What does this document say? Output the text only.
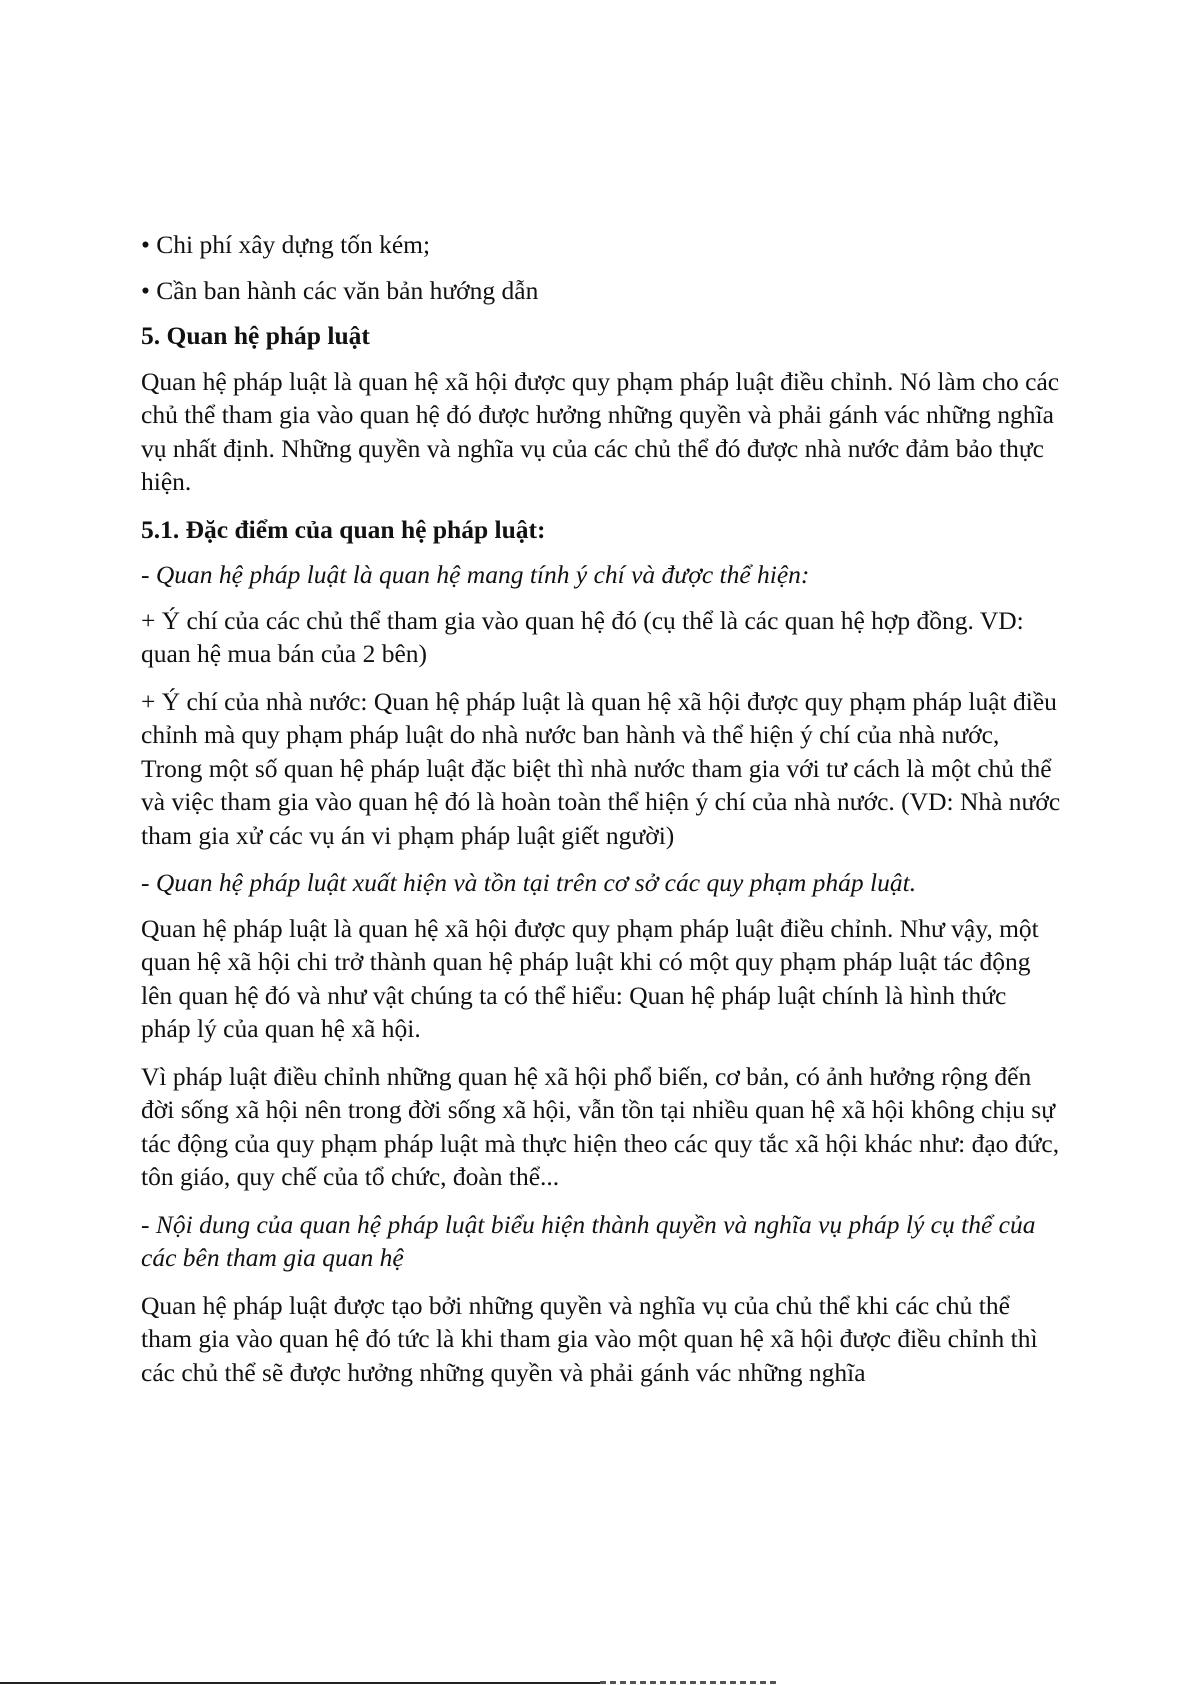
• Chi phí xây dựng tốn kém;

• Cần ban hành các văn bản hướng dẫn

5. Quan hệ pháp luật

Quan hệ pháp luật là quan hệ xã hội được quy phạm pháp luật điều chỉnh. Nó làm cho các chủ thể tham gia vào quan hệ đó được hưởng những quyền và phải gánh vác những nghĩa vụ nhất định. Những quyền và nghĩa vụ của các chủ thể đó được nhà nước đảm bảo thực hiện.

5.1. Đặc điểm của quan hệ pháp luật:

- Quan hệ pháp luật là quan hệ mang tính ý chí và được thể hiện:

+ Ý chí của các chủ thể tham gia vào quan hệ đó (cụ thể là các quan hệ hợp đồng. VD: quan hệ mua bán của 2 bên)

+ Ý chí của nhà nước: Quan hệ pháp luật là quan hệ xã hội được quy phạm pháp luật điều chỉnh mà quy phạm pháp luật do nhà nước ban hành và thể hiện ý chí của nhà nước, Trong một số quan hệ pháp luật đặc biệt thì nhà nước tham gia với tư cách là một chủ thể và việc tham gia vào quan hệ đó là hoàn toàn thể hiện ý chí của nhà nước. (VD: Nhà nước tham gia xử các vụ án vi phạm pháp luật giết người)

- Quan hệ pháp luật xuất hiện và tồn tại trên cơ sở các quy phạm pháp luật.

Quan hệ pháp luật là quan hệ xã hội được quy phạm pháp luật điều chỉnh. Như vậy, một quan hệ xã hội chi trở thành quan hệ pháp luật khi có một quy phạm pháp luật tác động lên quan hệ đó và như vật chúng ta có thể hiểu: Quan hệ pháp luật chính là hình thức pháp lý của quan hệ xã hội.

Vì pháp luật điều chỉnh những quan hệ xã hội phổ biến, cơ bản, có ảnh hưởng rộng đến đời sống xã hội nên trong đời sống xã hội, vẫn tồn tại nhiều quan hệ xã hội không chịu sự tác động của quy phạm pháp luật mà thực hiện theo các quy tắc xã hội khác như: đạo đức, tôn giáo, quy chế của tổ chức, đoàn thể...

- Nội dung của quan hệ pháp luật biểu hiện thành quyền và nghĩa vụ pháp lý cụ thể của các bên tham gia quan hệ

Quan hệ pháp luật được tạo bởi những quyền và nghĩa vụ của chủ thể khi các chủ thể tham gia vào quan hệ đó tức là khi tham gia vào một quan hệ xã hội được điều chỉnh thì các chủ thể sẽ được hưởng những quyền và phải gánh vác những nghĩa
